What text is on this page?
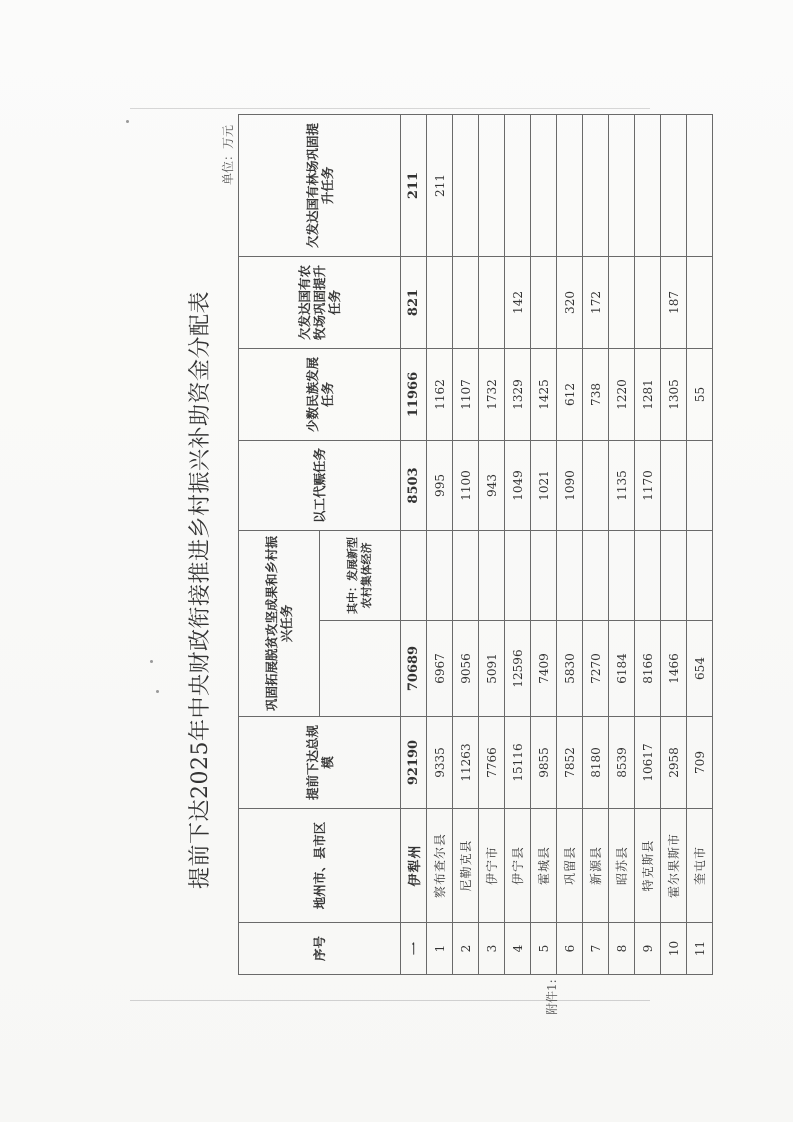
提前下达2025年中央财政衔接推进乡村振兴补助资金分配表
单位：万元
附件1:
序号	地州市、县市区	提前下达总规模	巩固拓展脱贫攻坚成果和乡村振兴任务		以工代赈任务	少数民族发展任务	欠发达国有农牧场巩固提升任务	欠发达国有林场巩固提升任务
				其中：发展新型农村集体经济				
一	伊犁州	92190	70689		8503	11966	821	211
1	察布查尔县	9335	6967		995	1162		211
2	尼勒克县	11263	9056		1100	1107		
3	伊宁市	7766	5091		943	1732		
4	伊宁县	15116	12596		1049	1329	142	
5	霍城县	9855	7409		1021	1425		
6	巩留县	7852	5830		1090	612	320	
7	新源县	8180	7270			738	172	
8	昭苏县	8539	6184		1135	1220		
9	特克斯县	10617	8166		1170	1281		
10	霍尔果斯市	2958	1466			1305	187	
11	奎屯市	709	654			55		
